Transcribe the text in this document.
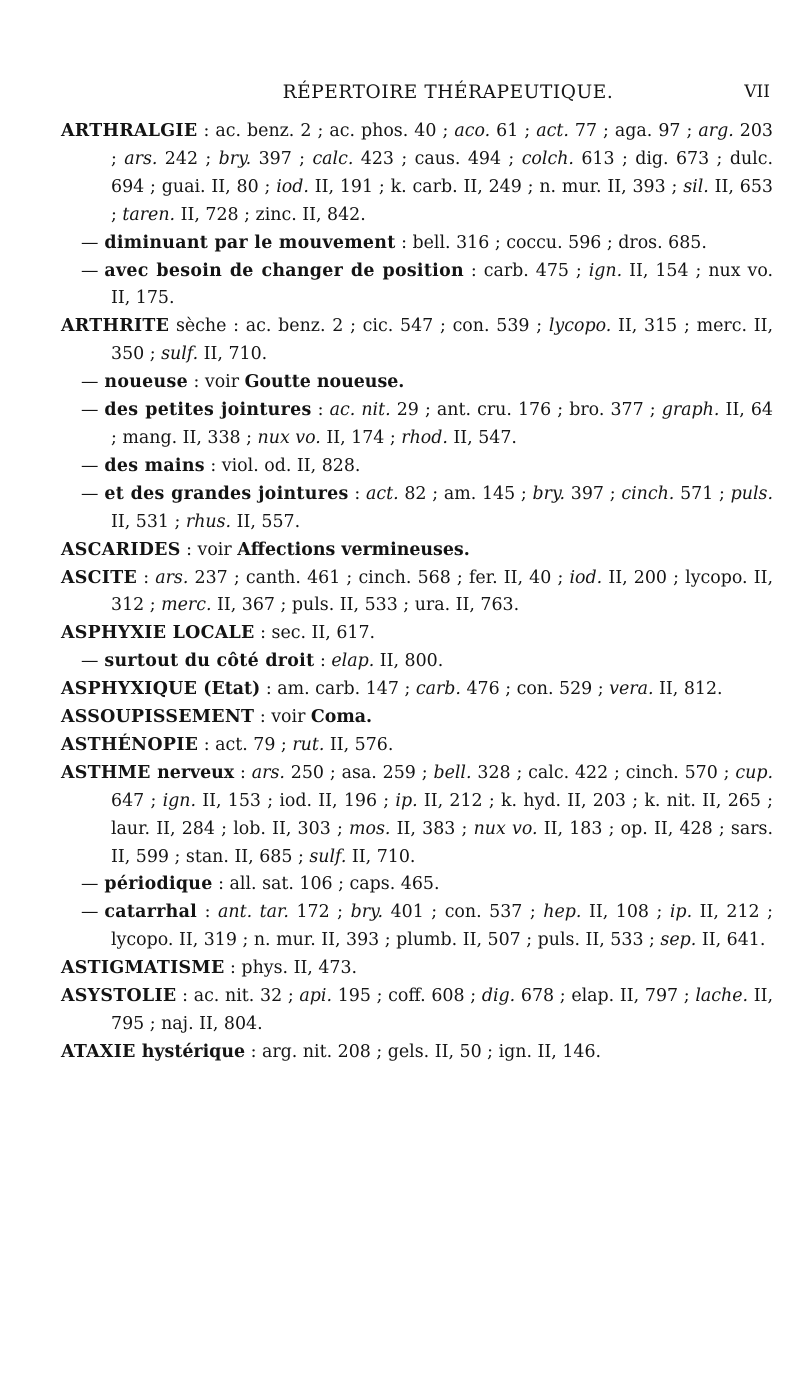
RÉPERTOIRE THÉRAPEUTIQUE.	VII

ARTHRALGIE : ac. benz. 2 ; ac. phos. 40 ; aco. 61 ; act. 77 ; aga. 97 ; arg. 203 ; ars. 242 ; bry. 397 ; calc. 423 ; caus. 494 ; colch. 613 ; dig. 673 ; dulc. 694 ; guai. II, 80 ; iod. II, 191 ; k. carb. II, 249 ; n. mur. II, 393 ; sil. II, 653 ; taren. II, 728 ; zinc. II, 842.

— diminuant par le mouvement : bell. 316 ; coccu. 596 ; dros. 685.

— avec besoin de changer de position : carb. 475 ; ign. II, 154 ; nux vo. II, 175.

ARTHRITE sèche : ac. benz. 2 ; cic. 547 ; con. 539 ; lycopo. II, 315 ; merc. II, 350 ; sulf. II, 710.

— noueuse : voir Goutte noueuse.

— des petites jointures : ac. nit. 29 ; ant. cru. 176 ; bro. 377 ; graph. II, 64 ; mang. II, 338 ; nux vo. II, 174 ; rhod. II, 547.

— des mains : viol. od. II, 828.

— et des grandes jointures : act. 82 ; am. 145 ; bry. 397 ; cinch. 571 ; puls. II, 531 ; rhus. II, 557.

ASCARIDES : voir Affections vermineuses.

ASCITE : ars. 237 ; canth. 461 ; cinch. 568 ; fer. II, 40 ; iod. II, 200 ; lycopo. II, 312 ; merc. II, 367 ; puls. II, 533 ; ura. II, 763.

ASPHYXIE LOCALE : sec. II, 617.

— surtout du côté droit : elap. II, 800.

ASPHYXIQUE (Etat) : am. carb. 147 ; carb. 476 ; con. 529 ; vera. II, 812.

ASSOUPISSEMENT : voir Coma.

ASTHÉNOPIE : act. 79 ; rut. II, 576.

ASTHME nerveux : ars. 250 ; asa. 259 ; bell. 328 ; calc. 422 ; cinch. 570 ; cup. 647 ; ign. II, 153 ; iod. II, 196 ; ip. II, 212 ; k. hyd. II, 203 ; k. nit. II, 265 ; laur. II, 284 ; lob. II, 303 ; mos. II, 383 ; nux vo. II, 183 ; op. II, 428 ; sars. II, 599 ; stan. II, 685 ; sulf. II, 710.

— périodique : all. sat. 106 ; caps. 465.

— catarrhal : ant. tar. 172 ; bry. 401 ; con. 537 ; hep. II, 108 ; ip. II, 212 ; lycopo. II, 319 ; n. mur. II, 393 ; plumb. II, 507 ; puls. II, 533 ; sep. II, 641.

ASTIGMATISME : phys. II, 473.

ASYSTOLIE : ac. nit. 32 ; api. 195 ; coff. 608 ; dig. 678 ; elap. II, 797 ; lache. II, 795 ; naj. II, 804.

ATAXIE hystérique : arg. nit. 208 ; gels. II, 50 ; ign. II, 146.
